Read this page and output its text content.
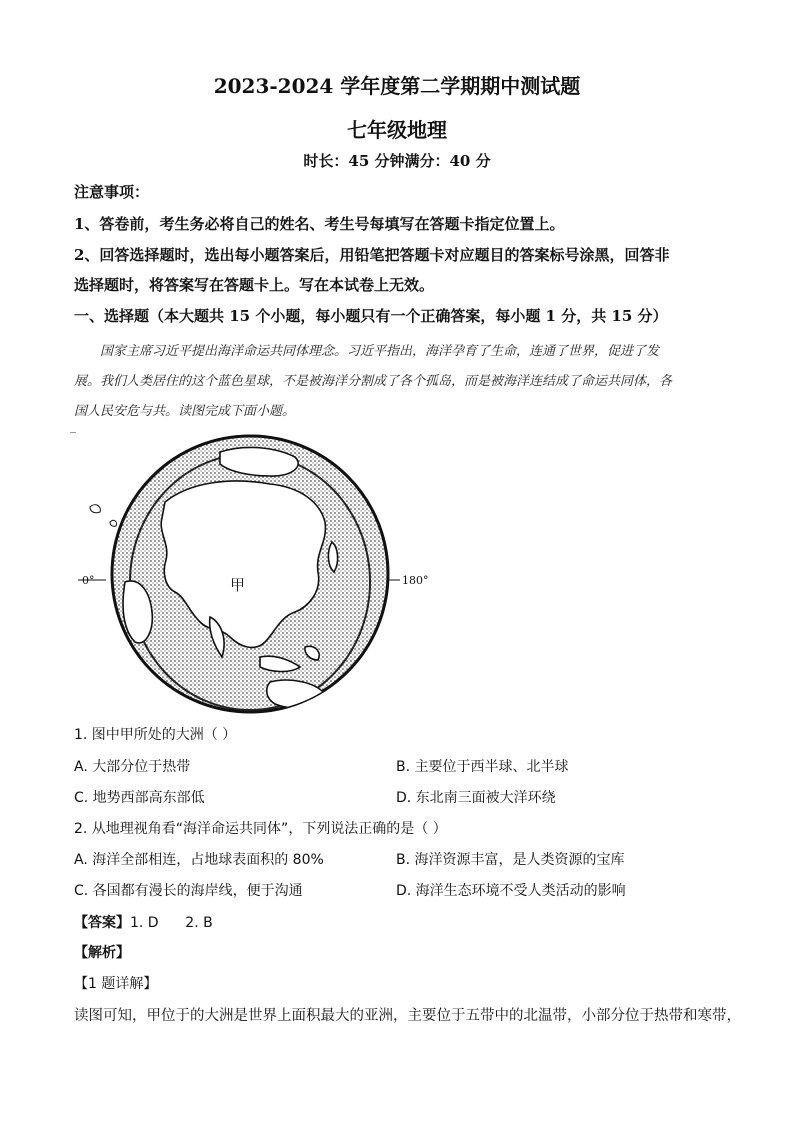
2023-2024 学年度第二学期期中测试题
七年级地理
时长：45 分钟满分：40 分
注意事项：
1、答卷前，考生务必将自己的姓名、考生号每填写在答题卡指定位置上。
2、回答选择题时，选出每小题答案后，用铅笔把答题卡对应题目的答案标号涂黑，回答非
选择题时，将答案写在答题卡上。写在本试卷上无效。
一、选择题（本大题共 15 个小题，每小题只有一个正确答案，每小题 1 分，共 15 分）
国家主席习近平提出海洋命运共同体理念。习近平指出，海洋孕育了生命，连通了世界，促进了发
展。我们人类居住的这个蓝色星球，不是被海洋分割成了各个孤岛，而是被海洋连结成了命运共同体，各
国人民安危与共。读图完成下面小题。
0°	180°
甲
1. 图中甲所处的大洲（ ）
A. 大部分位于热带	B. 主要位于西半球、北半球
C. 地势西部高东部低	D. 东北南三面被大洋环绕
2. 从地理视角看“海洋命运共同体”，下列说法正确的是（ ）
A. 海洋全部相连，占地球表面积的 80%	B. 海洋资源丰富，是人类资源的宝库
C. 各国都有漫长的海岸线，便于沟通	D. 海洋生态环境不受人类活动的影响
【答案】1. D      2. B
【解析】
【1 题详解】
读图可知，甲位于的大洲是世界上面积最大的亚洲，主要位于五带中的北温带，小部分位于热带和寒带，
